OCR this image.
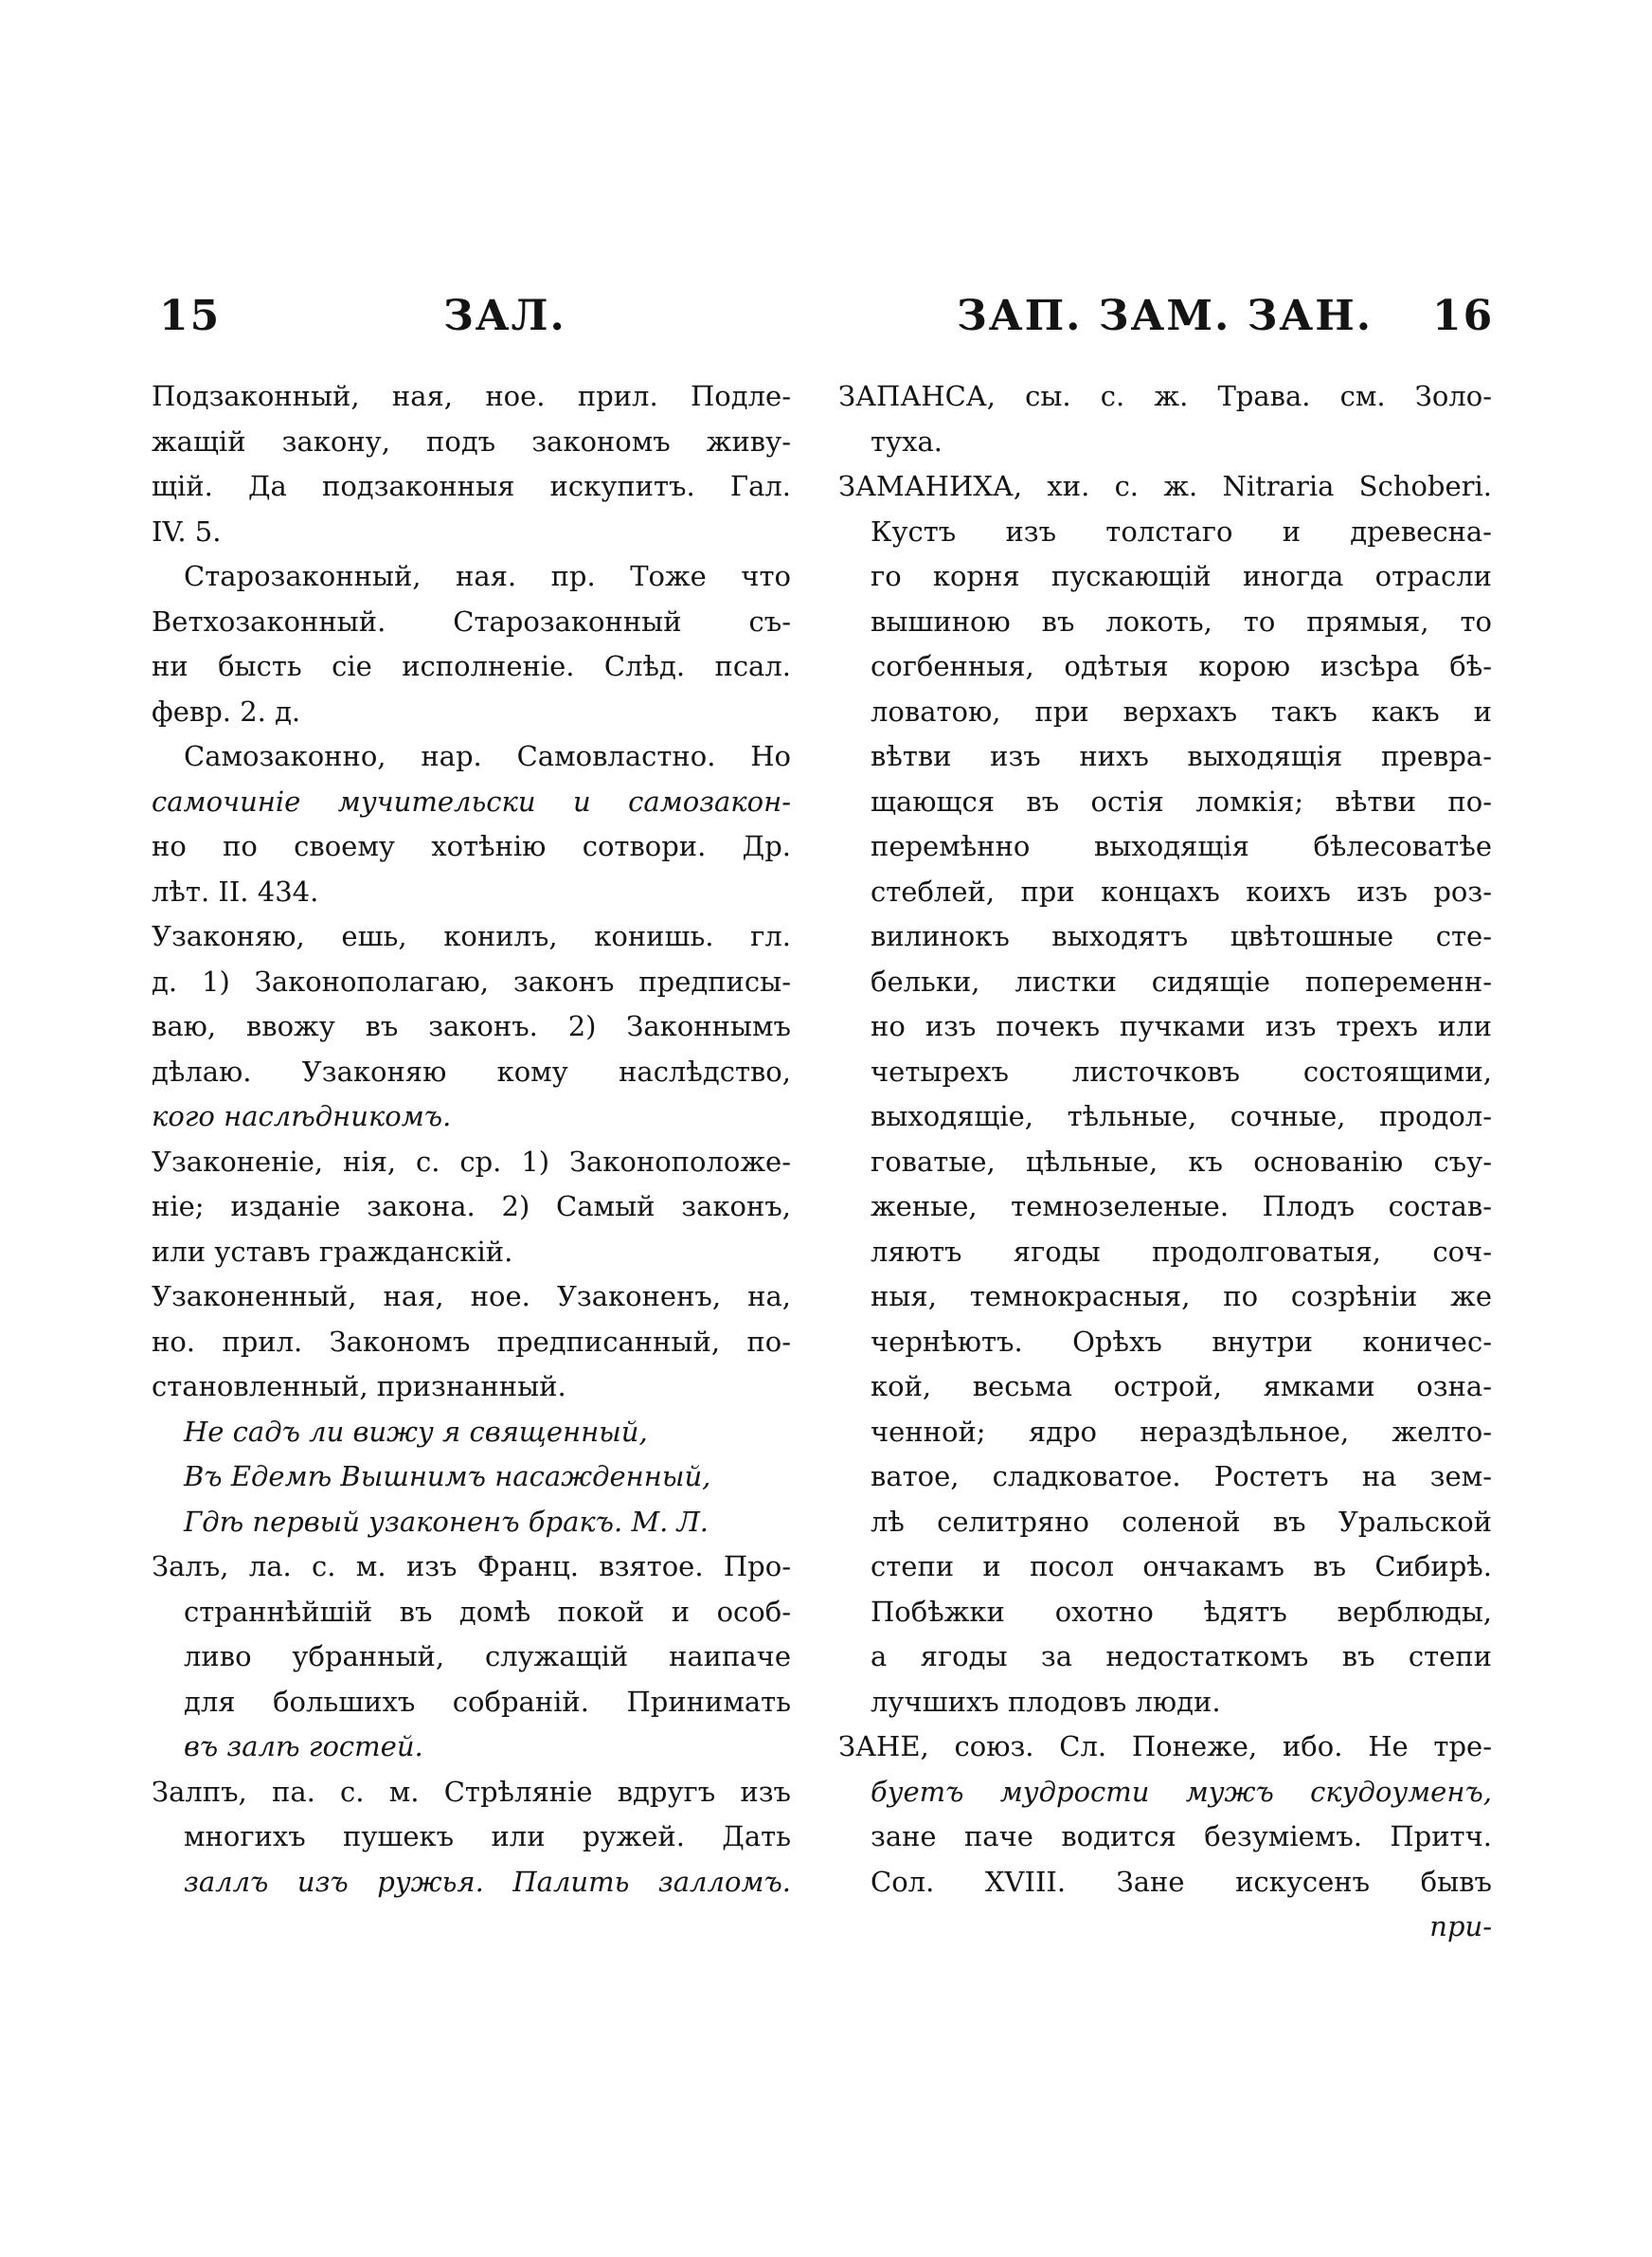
15	ЗАЛ.	ЗАП. ЗАМ. ЗАН. 16
Подзаконный, ная, ное. прил. Подле-
жащій закону, подъ закономъ живу-
щій. Да подзаконныя искупитъ. Гал.
IV. 5.
Старозаконный, ная. пр. Тоже что
Ветхозаконный. Старозаконный съ-
ни бысть сіе исполненіе. Слѣд. псал.
февр. 2. д.
Самозаконно, нар. Самовластно. Но
самочиніе мучительски и самозакон-
но по своему хотѣнію сотвори. Др.
лѣт. II. 434.
Узаконяю, ешь, конилъ, конишь. гл.
д. 1) Законополагаю, законъ предписы-
ваю, ввожу въ законъ. 2) Законнымъ
дѣлаю. Узаконяю кому наслѣдство,
кого наслѣдникомъ.
Узаконеніе, нія, с. ср. 1) Законоположе-
ніе; изданіе закона. 2) Самый законъ,
или уставъ гражданскій.
Узаконенный, ная, ное. Узаконенъ, на,
но. прил. Закономъ предписанный, по-
становленный, признанный.
Не садъ ли вижу я священный,
Въ Едемѣ Вышнимъ насажденный,
Гдѣ первый узаконенъ бракъ. М. Л.
Залъ, ла. с. м. изъ Франц. взятое. Про-
страннѣйшій въ домѣ покой и особ-
ливо убранный, служащій наипаче
для большихъ собраній. Принимать
въ залѣ гостей.
Залпъ, па. с. м. Стрѣляніе вдругъ изъ
многихъ пушекъ или ружей. Дать
заллъ изъ ружья. Палить залломъ.
ЗАПАНСА, сы. с. ж. Трава. см. Золо-
туха.
ЗАМАНИХА, хи. с. ж. Nitraria Schoberi.
Кустъ изъ толстаго и древесна-
го корня пускающій иногда отрасли
вышиною въ локоть, то прямыя, то
согбенныя, одѣтыя корою изсѣра бѣ-
ловатою, при верхахъ такъ какъ и
вѣтви изъ нихъ выходящія превра-
щающся въ остія ломкія; вѣтви по-
перемѣнно выходящія бѣлесоватѣе
стеблей, при концахъ коихъ изъ роз-
вилинокъ выходятъ цвѣтошные сте-
бельки, листки сидящіе попеременн-
но изъ почекъ пучками изъ трехъ или
четырехъ листочковъ состоящими,
выходящіе, тѣльные, сочные, продол-
говатые, цѣльные, къ основанію съу-
женые, темнозеленые. Плодъ состав-
ляютъ ягоды продолговатыя, соч-
ныя, темнокрасныя, по созрѣніи же
чернѣютъ. Орѣхъ внутри коничес-
кой, весьма острой, ямками озна-
ченной; ядро нераздѣльное, желто-
ватое, сладковатое. Ростетъ на зем-
лѣ селитряно соленой въ Уральской
степи и посол ончакамъ въ Сибирѣ.
Побѣжки охотно ѣдятъ верблюды,
а ягоды за недостаткомъ въ степи
лучшихъ плодовъ люди.
ЗАНЕ, союз. Сл. Понеже, ибо. Не тре-
буетъ мудрости мужъ скудоуменъ,
зане паче водится безуміемъ. Притч.
Сол. XVIII. Зане искусенъ бывъ
при-
